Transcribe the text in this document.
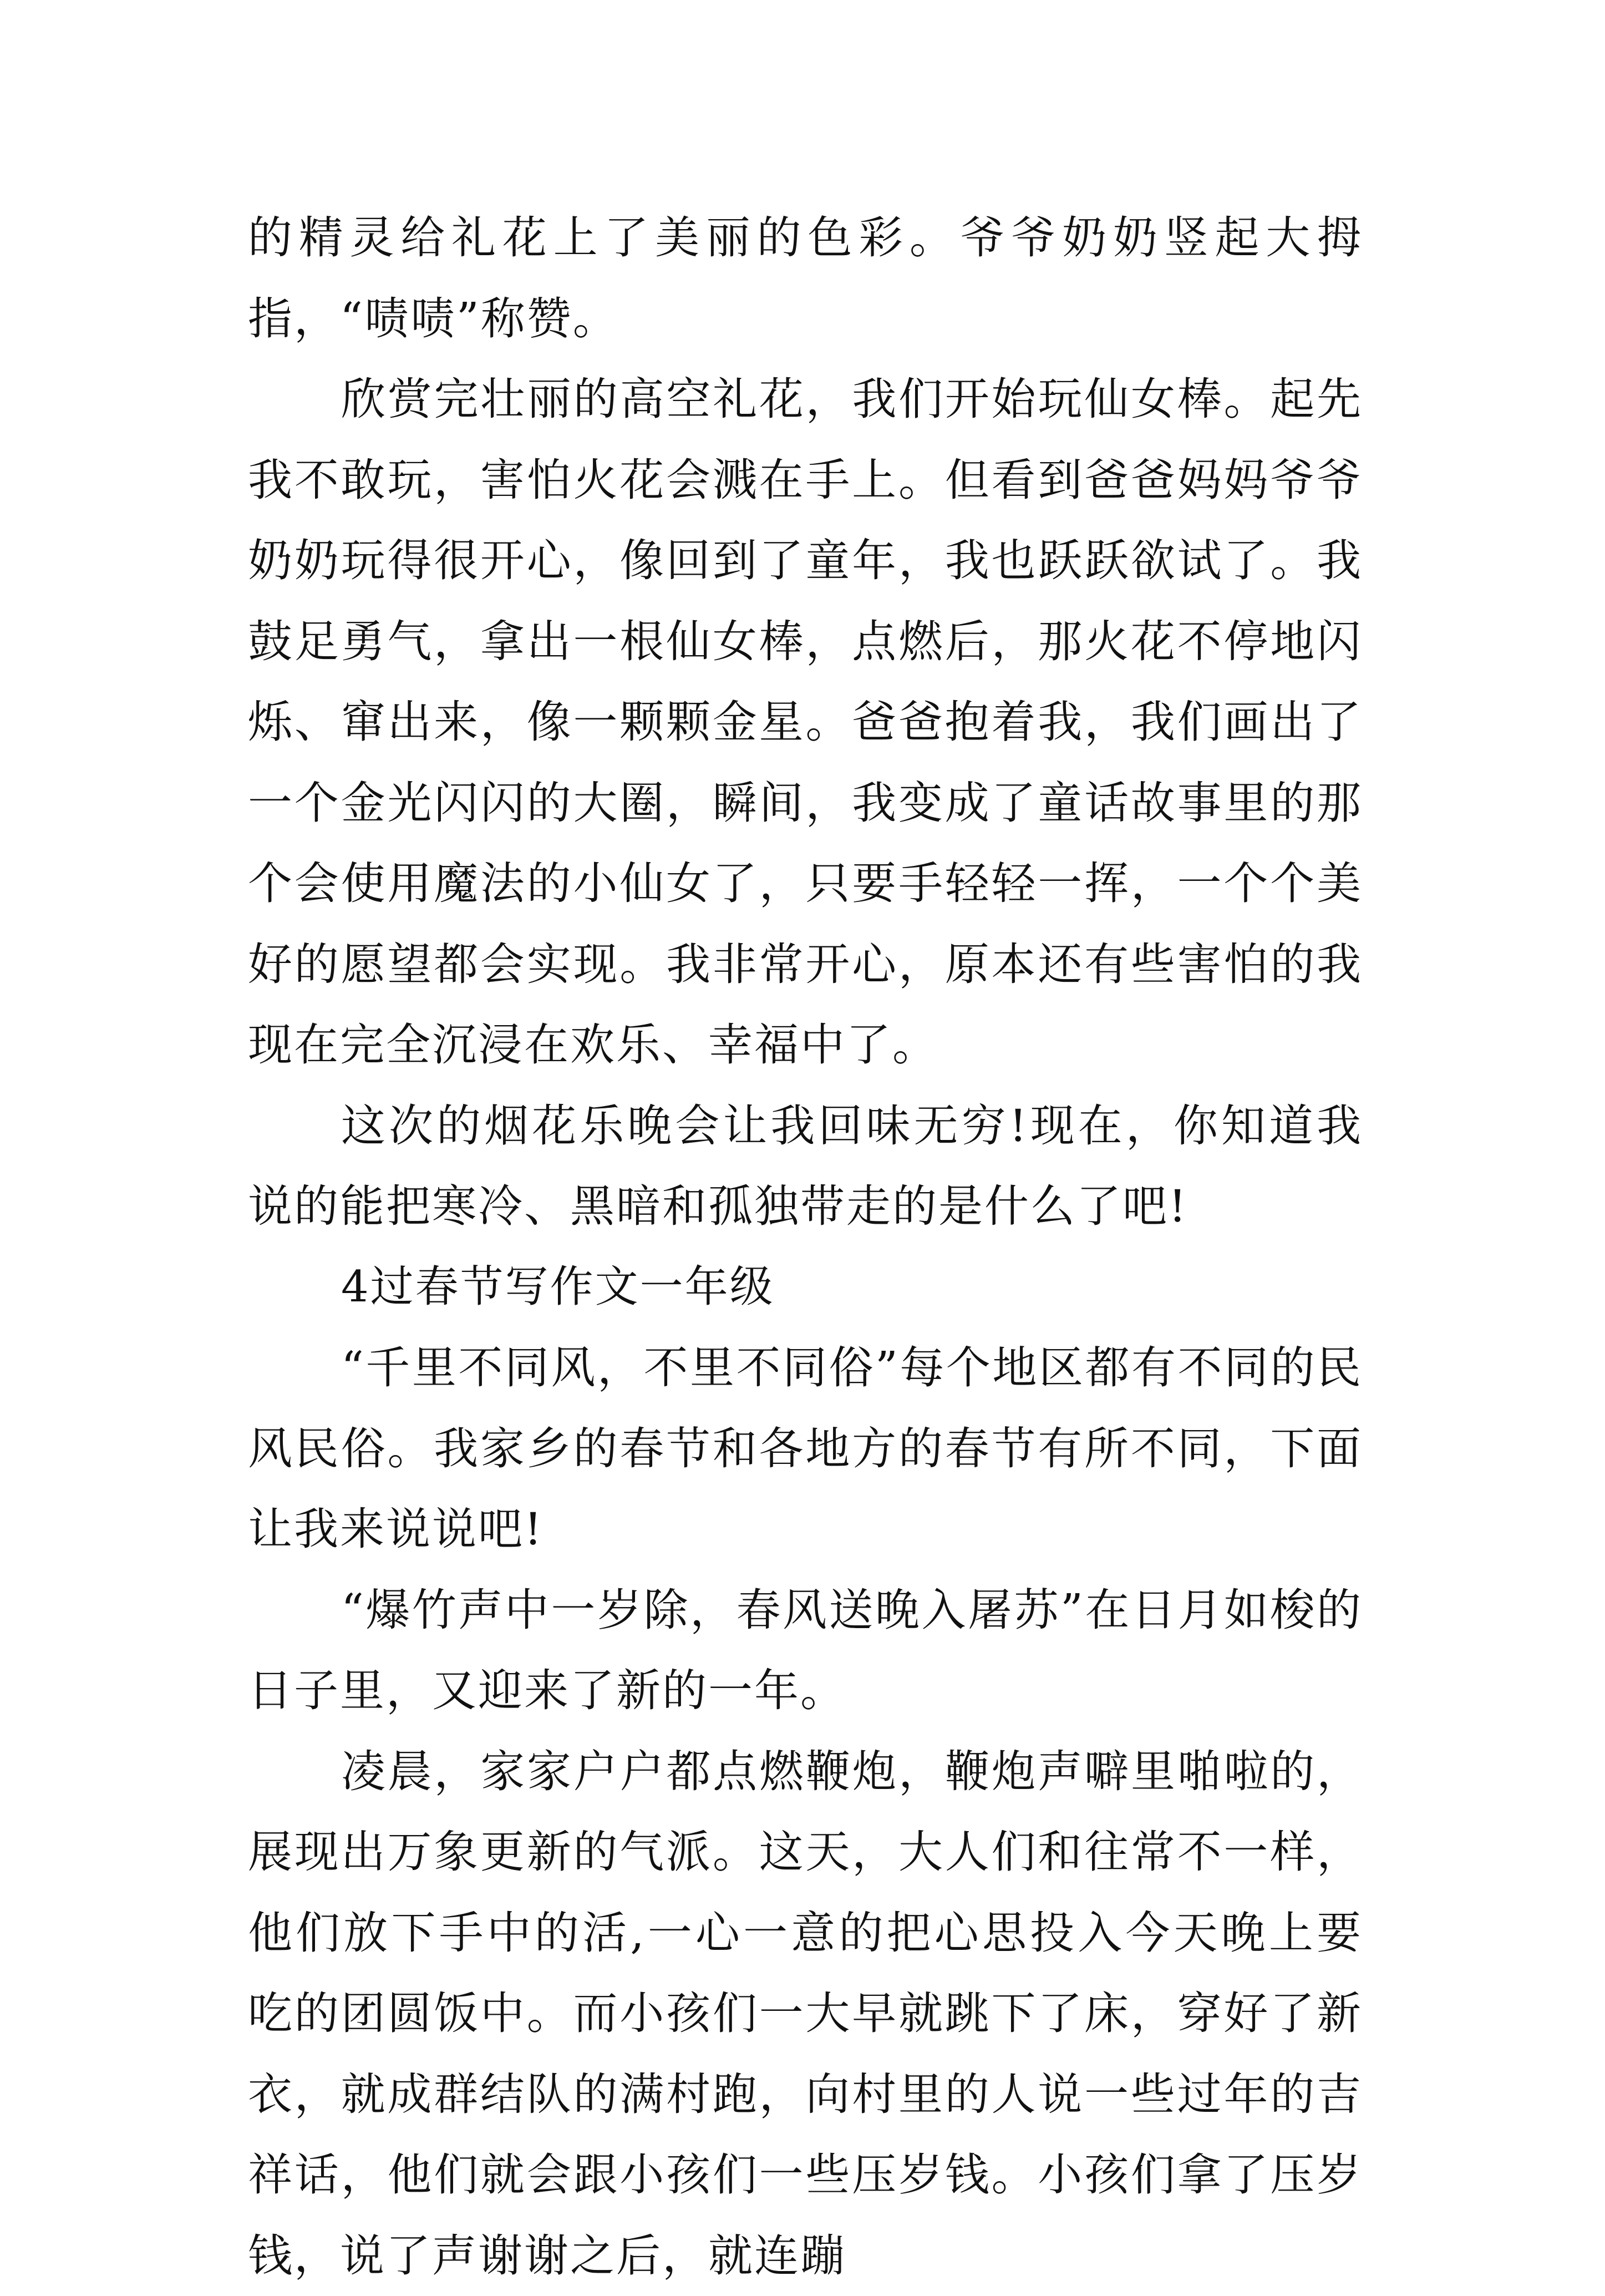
的精灵给礼花上了美丽的色彩。爷爷奶奶竖起大拇指，“啧啧”称赞。

欣赏完壮丽的高空礼花，我们开始玩仙女棒。起先我不敢玩，害怕火花会溅在手上。但看到爸爸妈妈爷爷奶奶玩得很开心，像回到了童年，我也跃跃欲试了。我鼓足勇气，拿出一根仙女棒，点燃后，那火花不停地闪烁、窜出来，像一颗颗金星。爸爸抱着我，我们画出了一个金光闪闪的大圈，瞬间，我变成了童话故事里的那个会使用魔法的小仙女了，只要手轻轻一挥，一个个美好的愿望都会实现。我非常开心，原本还有些害怕的我现在完全沉浸在欢乐、幸福中了。

这次的烟花乐晚会让我回味无穷!现在，你知道我说的能把寒冷、黑暗和孤独带走的是什么了吧!

4过春节写作文一年级

“千里不同风，不里不同俗”每个地区都有不同的民风民俗。我家乡的春节和各地方的春节有所不同，下面让我来说说吧!

“爆竹声中一岁除，春风送晚入屠苏”在日月如梭的日子里，又迎来了新的一年。

凌晨，家家户户都点燃鞭炮，鞭炮声噼里啪啦的，展现出万象更新的气派。这天，大人们和往常不一样，他们放下手中的活,一心一意的把心思投入今天晚上要吃的团圆饭中。而小孩们一大早就跳下了床，穿好了新衣，就成群结队的满村跑，向村里的人说一些过年的吉祥话，他们就会跟小孩们一些压岁钱。小孩们拿了压岁钱，说了声谢谢之后，就连蹦
